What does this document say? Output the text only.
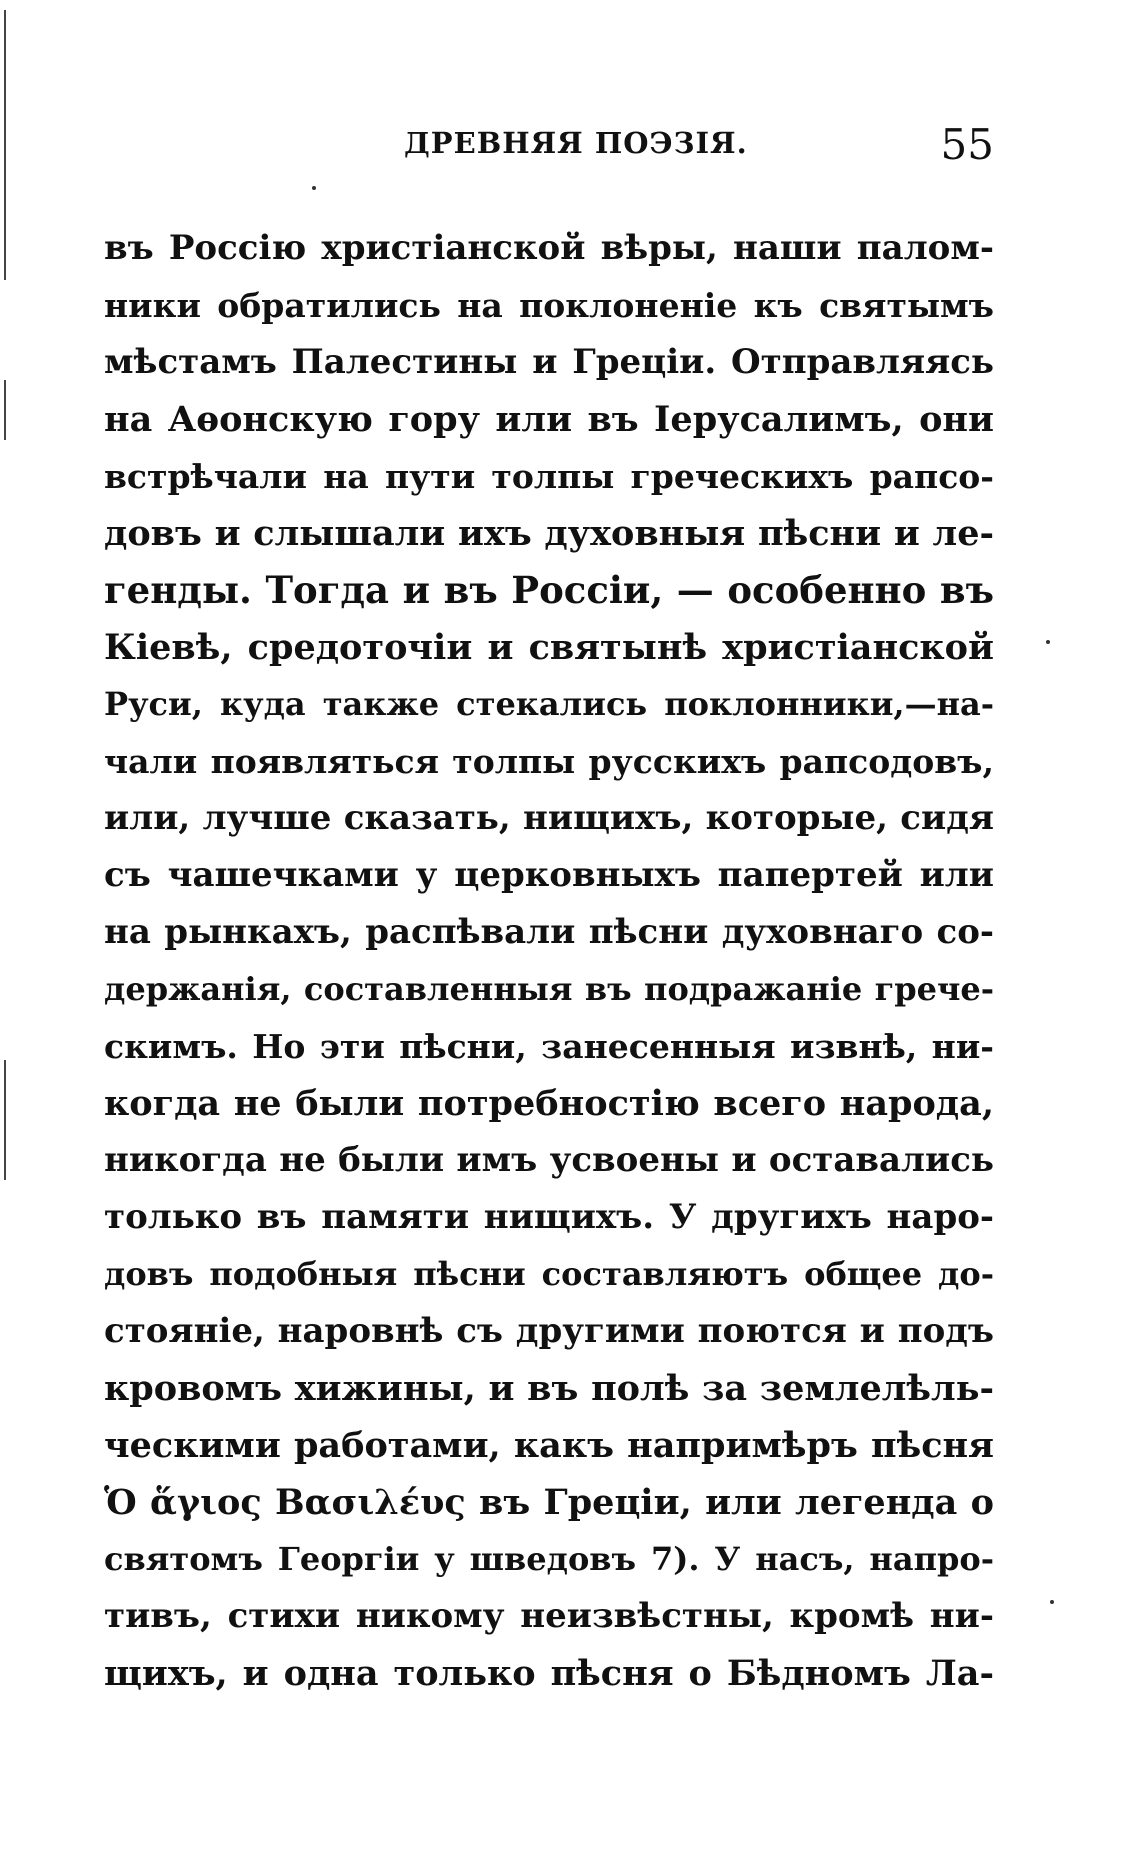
ДРЕВНЯЯ ПОЭЗІЯ.	55
въ Россію христіанской вѣры, наши палом-
ники обратились на поклоненіе къ святымъ
мѣстамъ Палестины и Греціи. Отправляясь
на Аѳонскую гору или въ Іерусалимъ, они
встрѣчали на пути толпы греческихъ рапсо-
довъ и слышали ихъ духовныя пѣсни и ле-
генды. Тогда и въ Россіи, — особенно въ
Кіевѣ, средоточіи и святынѣ христіанской
Руси, куда также стекались поклонники,—на-
чали появляться толпы русскихъ рапсодовъ,
или, лучше сказать, нищихъ, которые, сидя
съ чашечками у церковныхъ папертей или
на рынкахъ, распѣвали пѣсни духовнаго со-
держанія, составленныя въ подражаніе грече-
скимъ. Но эти пѣсни, занесенныя извнѣ, ни-
когда не были потребностію всего народа,
никогда не были имъ усвоены и оставались
только въ памяти нищихъ. У другихъ наро-
довъ подобныя пѣсни составляютъ общее до-
стояніе, наровнѣ съ другими поются и подъ
кровомъ хижины, и въ полѣ за землелѣль-
ческими работами, какъ напримѣръ пѣсня
Ὁ ἅγιος Βασιλέυς въ Греціи, или легенда о
святомъ Георгіи у шведовъ 7). У насъ, напро-
тивъ, стихи никому неизвѣстны, кромѣ ни-
щихъ, и одна только пѣсня о Бѣдномъ Ла-
